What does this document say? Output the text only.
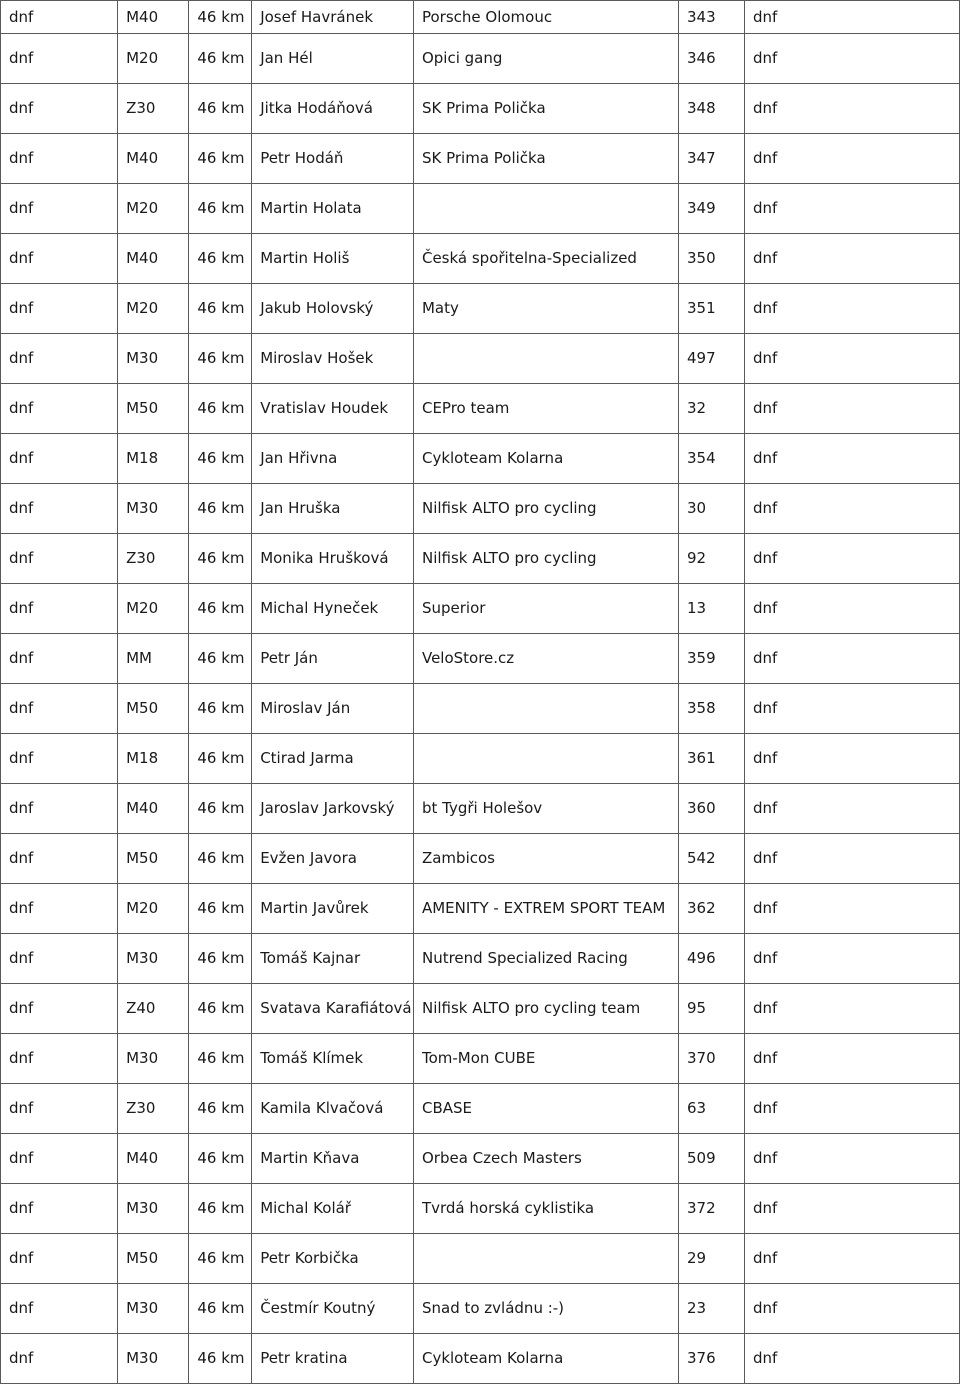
dnf	M40	46 km	Josef Havránek	Porsche Olomouc	343	dnf
dnf	M20	46 km	Jan Hél	Opici gang	346	dnf
dnf	Z30	46 km	Jitka Hodáňová	SK Prima Polička	348	dnf
dnf	M40	46 km	Petr Hodáň	SK Prima Polička	347	dnf
dnf	M20	46 km	Martin Holata		349	dnf
dnf	M40	46 km	Martin Holiš	Česká spořitelna-Specialized	350	dnf
dnf	M20	46 km	Jakub Holovský	Maty	351	dnf
dnf	M30	46 km	Miroslav Hošek		497	dnf
dnf	M50	46 km	Vratislav Houdek	CEPro team	32	dnf
dnf	M18	46 km	Jan Hřivna	Cykloteam Kolarna	354	dnf
dnf	M30	46 km	Jan Hruška	Nilfisk ALTO pro cycling	30	dnf
dnf	Z30	46 km	Monika Hrušková	Nilfisk ALTO pro cycling	92	dnf
dnf	M20	46 km	Michal Hyneček	Superior	13	dnf
dnf	MM	46 km	Petr Ján	VeloStore.cz	359	dnf
dnf	M50	46 km	Miroslav Ján		358	dnf
dnf	M18	46 km	Ctirad Jarma		361	dnf
dnf	M40	46 km	Jaroslav Jarkovský	bt Tygři Holešov	360	dnf
dnf	M50	46 km	Evžen Javora	Zambicos	542	dnf
dnf	M20	46 km	Martin Javůrek	AMENITY - EXTREM SPORT TEAM	362	dnf
dnf	M30	46 km	Tomáš Kajnar	Nutrend Specialized Racing	496	dnf
dnf	Z40	46 km	Svatava Karafiátová	Nilfisk ALTO pro cycling team	95	dnf
dnf	M30	46 km	Tomáš Klímek	Tom-Mon CUBE	370	dnf
dnf	Z30	46 km	Kamila Klvačová	CBASE	63	dnf
dnf	M40	46 km	Martin Kňava	Orbea Czech Masters	509	dnf
dnf	M30	46 km	Michal Kolář	Tvrdá horská cyklistika	372	dnf
dnf	M50	46 km	Petr Korbička		29	dnf
dnf	M30	46 km	Čestmír Koutný	Snad to zvládnu :-)	23	dnf
dnf	M30	46 km	Petr kratina	Cykloteam Kolarna	376	dnf
